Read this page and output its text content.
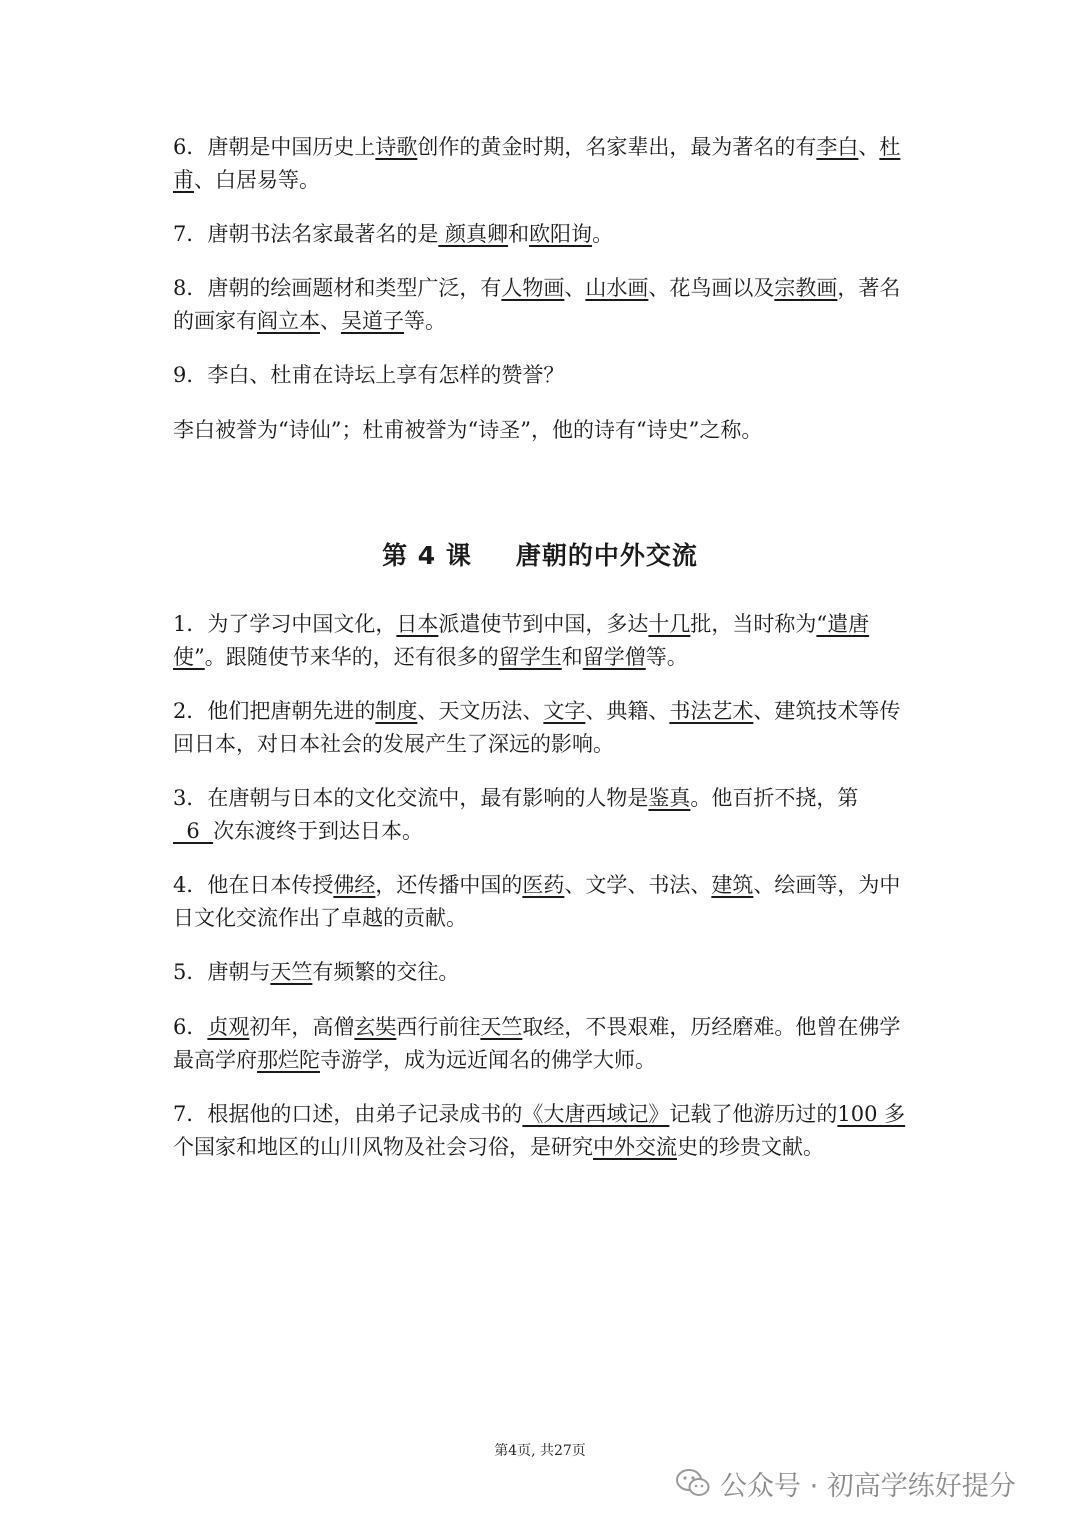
6．唐朝是中国历史上诗歌创作的黄金时期，名家辈出，最为著名的有李白、杜甫、白居易等。

7．唐朝书法名家最著名的是 颜真卿和欧阳询。

8．唐朝的绘画题材和类型广泛，有人物画、山水画、花鸟画以及宗教画，著名的画家有阎立本、吴道子等。

9．李白、杜甫在诗坛上享有怎样的赞誉？

李白被誉为“诗仙”；杜甫被誉为“诗圣”，他的诗有“诗史”之称。

第 4 课 唐朝的中外交流

1．为了学习中国文化，日本派遣使节到中国，多达十几批，当时称为“遣唐使”。跟随使节来华的，还有很多的留学生和留学僧等。

2．他们把唐朝先进的制度、天文历法、文字、典籍、书法艺术、建筑技术等传回日本，对日本社会的发展产生了深远的影响。

3．在唐朝与日本的文化交流中，最有影响的人物是鉴真。他百折不挠，第  6  次东渡终于到达日本。

4．他在日本传授佛经，还传播中国的医药、文学、书法、建筑、绘画等，为中日文化交流作出了卓越的贡献。

5．唐朝与天竺有频繁的交往。

6．贞观初年，高僧玄奘西行前往天竺取经，不畏艰难，历经磨难。他曾在佛学最高学府那烂陀寺游学，成为远近闻名的佛学大师。

7．根据他的口述，由弟子记录成书的《大唐西域记》记载了他游历过的100 多个国家和地区的山川风物及社会习俗，是研究中外交流史的珍贵文献。

第4页, 共27页
公众号 · 初高学练好提分
